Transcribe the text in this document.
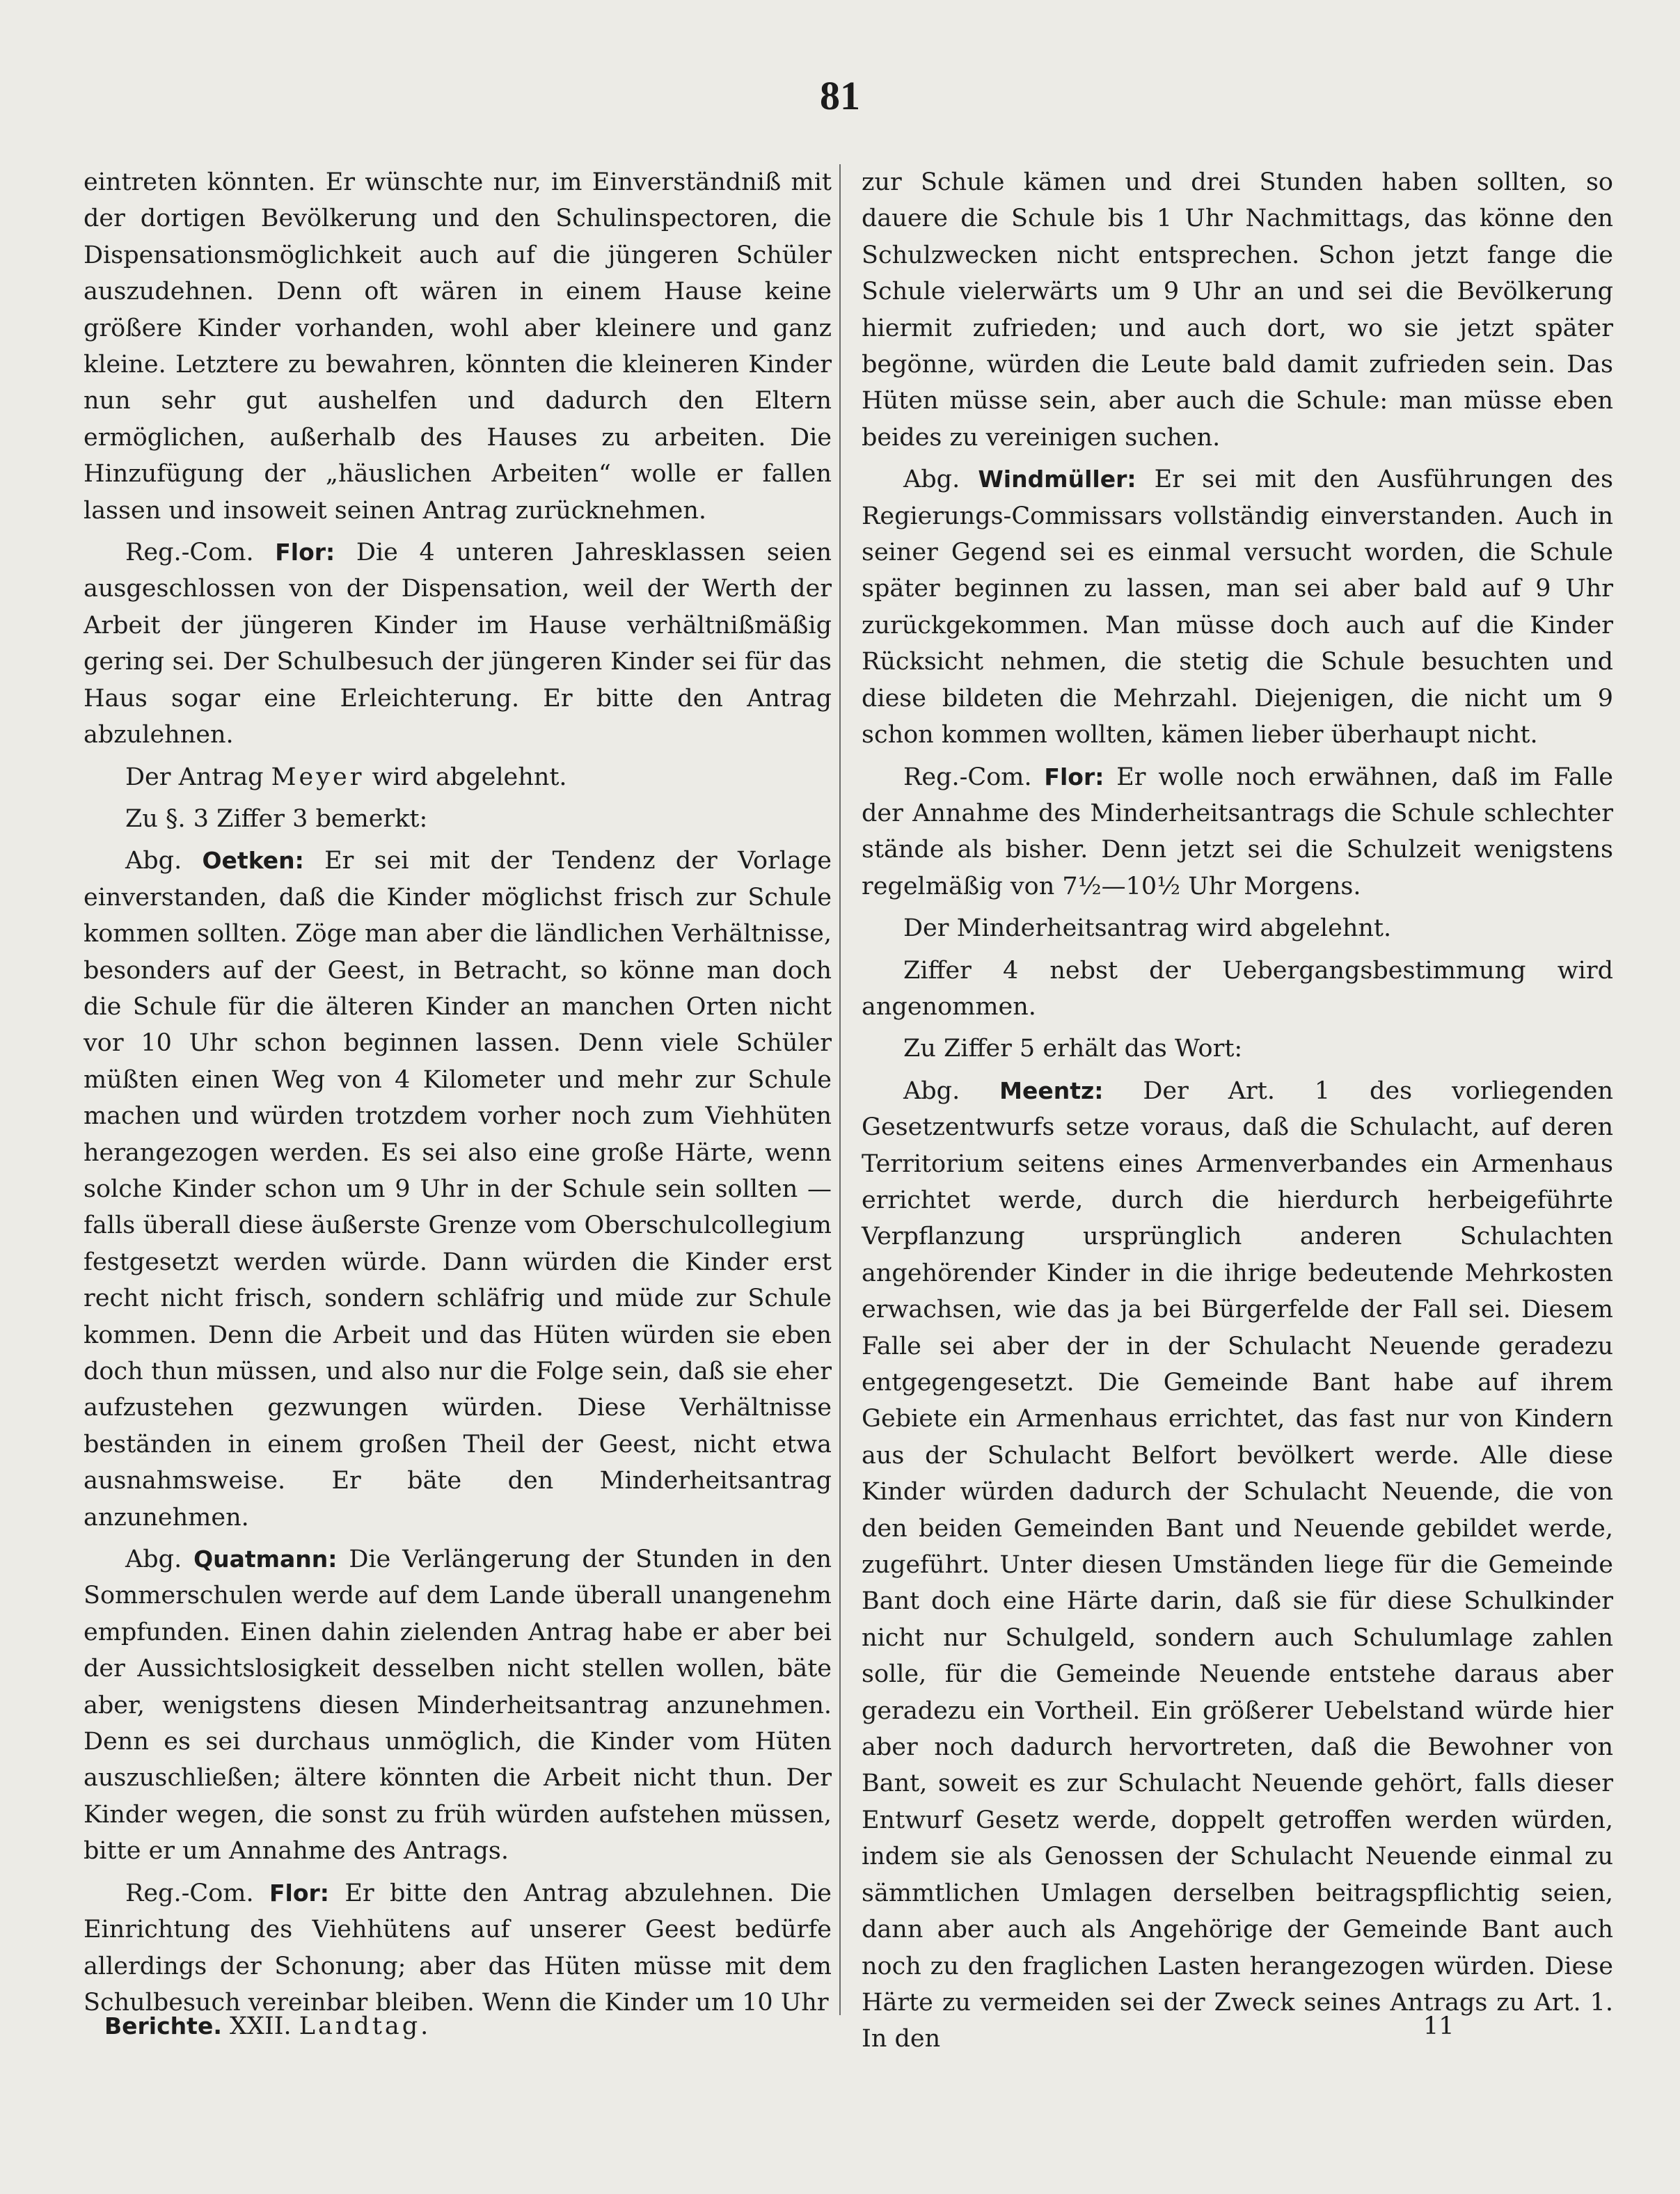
81

eintreten könnten. Er wünschte nur, im Einverständniß mit der dortigen Bevölkerung und den Schulinspectoren, die Dispensationsmöglichkeit auch auf die jüngeren Schüler auszudehnen. Denn oft wären in einem Hause keine größere Kinder vorhanden, wohl aber kleinere und ganz kleine. Letztere zu bewahren, könnten die kleineren Kinder nun sehr gut aushelfen und dadurch den Eltern ermöglichen, außerhalb des Hauses zu arbeiten. Die Hinzufügung der „häuslichen Arbeiten“ wolle er fallen lassen und insoweit seinen Antrag zurücknehmen.

Reg.-Com. Flor: Die 4 unteren Jahresklassen seien ausgeschlossen von der Dispensation, weil der Werth der Arbeit der jüngeren Kinder im Hause verhältnißmäßig gering sei. Der Schulbesuch der jüngeren Kinder sei für das Haus sogar eine Erleichterung. Er bitte den Antrag abzulehnen.

Der Antrag Meyer wird abgelehnt.

Zu §. 3 Ziffer 3 bemerkt:

Abg. Oetken: Er sei mit der Tendenz der Vorlage einverstanden, daß die Kinder möglichst frisch zur Schule kommen sollten. Zöge man aber die ländlichen Verhältnisse, besonders auf der Geest, in Betracht, so könne man doch die Schule für die älteren Kinder an manchen Orten nicht vor 10 Uhr schon beginnen lassen. Denn viele Schüler müßten einen Weg von 4 Kilometer und mehr zur Schule machen und würden trotzdem vorher noch zum Viehhüten herangezogen werden. Es sei also eine große Härte, wenn solche Kinder schon um 9 Uhr in der Schule sein sollten — falls überall diese äußerste Grenze vom Oberschulcollegium festgesetzt werden würde. Dann würden die Kinder erst recht nicht frisch, sondern schläfrig und müde zur Schule kommen. Denn die Arbeit und das Hüten würden sie eben doch thun müssen, und also nur die Folge sein, daß sie eher aufzustehen gezwungen würden. Diese Verhältnisse beständen in einem großen Theil der Geest, nicht etwa ausnahmsweise. Er bäte den Minderheitsantrag anzunehmen.

Abg. Quatmann: Die Verlängerung der Stunden in den Sommerschulen werde auf dem Lande überall unangenehm empfunden. Einen dahin zielenden Antrag habe er aber bei der Aussichtslosigkeit desselben nicht stellen wollen, bäte aber, wenigstens diesen Minderheitsantrag anzunehmen. Denn es sei durchaus unmöglich, die Kinder vom Hüten auszuschließen; ältere könnten die Arbeit nicht thun. Der Kinder wegen, die sonst zu früh würden aufstehen müssen, bitte er um Annahme des Antrags.

Reg.-Com. Flor: Er bitte den Antrag abzulehnen. Die Einrichtung des Viehhütens auf unserer Geest bedürfe allerdings der Schonung; aber das Hüten müsse mit dem Schulbesuch vereinbar bleiben. Wenn die Kinder um 10 Uhr

zur Schule kämen und drei Stunden haben sollten, so dauere die Schule bis 1 Uhr Nachmittags, das könne den Schulzwecken nicht entsprechen. Schon jetzt fange die Schule vielerwärts um 9 Uhr an und sei die Bevölkerung hiermit zufrieden; und auch dort, wo sie jetzt später begönne, würden die Leute bald damit zufrieden sein. Das Hüten müsse sein, aber auch die Schule: man müsse eben beides zu vereinigen suchen.

Abg. Windmüller: Er sei mit den Ausführungen des Regierungs-Commissars vollständig einverstanden. Auch in seiner Gegend sei es einmal versucht worden, die Schule später beginnen zu lassen, man sei aber bald auf 9 Uhr zurückgekommen. Man müsse doch auch auf die Kinder Rücksicht nehmen, die stetig die Schule besuchten und diese bildeten die Mehrzahl. Diejenigen, die nicht um 9 schon kommen wollten, kämen lieber überhaupt nicht.

Reg.-Com. Flor: Er wolle noch erwähnen, daß im Falle der Annahme des Minderheitsantrags die Schule schlechter stände als bisher. Denn jetzt sei die Schulzeit wenigstens regelmäßig von 7½—10½ Uhr Morgens.

Der Minderheitsantrag wird abgelehnt.

Ziffer 4 nebst der Uebergangsbestimmung wird angenommen.

Zu Ziffer 5 erhält das Wort:

Abg. Meentz: Der Art. 1 des vorliegenden Gesetzentwurfs setze voraus, daß die Schulacht, auf deren Territorium seitens eines Armenverbandes ein Armenhaus errichtet werde, durch die hierdurch herbeigeführte Verpflanzung ursprünglich anderen Schulachten angehörender Kinder in die ihrige bedeutende Mehrkosten erwachsen, wie das ja bei Bürgerfelde der Fall sei. Diesem Falle sei aber der in der Schulacht Neuende geradezu entgegengesetzt. Die Gemeinde Bant habe auf ihrem Gebiete ein Armenhaus errichtet, das fast nur von Kindern aus der Schulacht Belfort bevölkert werde. Alle diese Kinder würden dadurch der Schulacht Neuende, die von den beiden Gemeinden Bant und Neuende gebildet werde, zugeführt. Unter diesen Umständen liege für die Gemeinde Bant doch eine Härte darin, daß sie für diese Schulkinder nicht nur Schulgeld, sondern auch Schulumlage zahlen solle, für die Gemeinde Neuende entstehe daraus aber geradezu ein Vortheil. Ein größerer Uebelstand würde hier aber noch dadurch hervortreten, daß die Bewohner von Bant, soweit es zur Schulacht Neuende gehört, falls dieser Entwurf Gesetz werde, doppelt getroffen werden würden, indem sie als Genossen der Schulacht Neuende einmal zu sämmtlichen Umlagen derselben beitragspflichtig seien, dann aber auch als Angehörige der Gemeinde Bant auch noch zu den fraglichen Lasten herangezogen würden. Diese Härte zu vermeiden sei der Zweck seines Antrags zu Art. 1. In den

Berichte. XXII. Landtag.	11
